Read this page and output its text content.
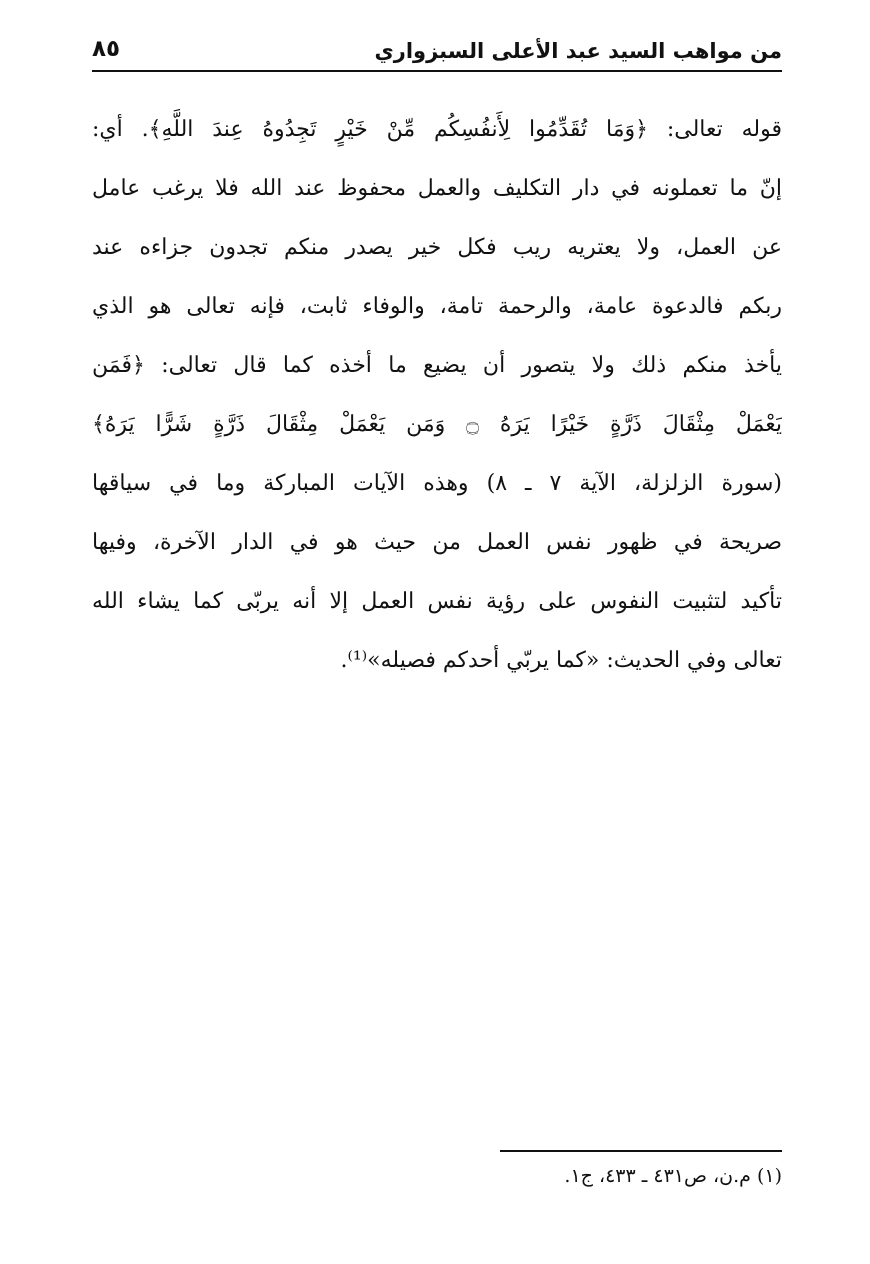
من مواهب السيد عبد الأعلى السبزواري
٨٥
قوله تعالى: ﴿وَمَا تُقَدِّمُوا لِأَنفُسِكُم مِّنْ خَيْرٍ تَجِدُوهُ عِندَ اللَّهِ﴾. أي:
إنّ ما تعملونه في دار التكليف والعمل محفوظ عند الله فلا يرغب عامل
عن العمل، ولا يعتريه ريب فكل خير يصدر منكم تجدون جزاءه عند
ربكم فالدعوة عامة، والرحمة تامة، والوفاء ثابت، فإنه تعالى هو الذي
يأخذ منكم ذلك ولا يتصور أن يضيع ما أخذه كما قال تعالى: ﴿فَمَن
يَعْمَلْ مِثْقَالَ ذَرَّةٍ خَيْرًا يَرَهُ ۝ وَمَن يَعْمَلْ مِثْقَالَ ذَرَّةٍ شَرًّا يَرَهُ﴾
(سورة الزلزلة، الآية ٧ ـ ٨) وهذه الآيات المباركة وما في سياقها
صريحة في ظهور نفس العمل من حيث هو في الدار الآخرة، وفيها
تأكيد لتثبيت النفوس على رؤية نفس العمل إلا أنه يربّى كما يشاء الله
تعالى وفي الحديث: «كما يربّي أحدكم فصيله»⁽¹⁾.
(١) م.ن، ص٤٣١ ـ ٤٣٣، ج١.
